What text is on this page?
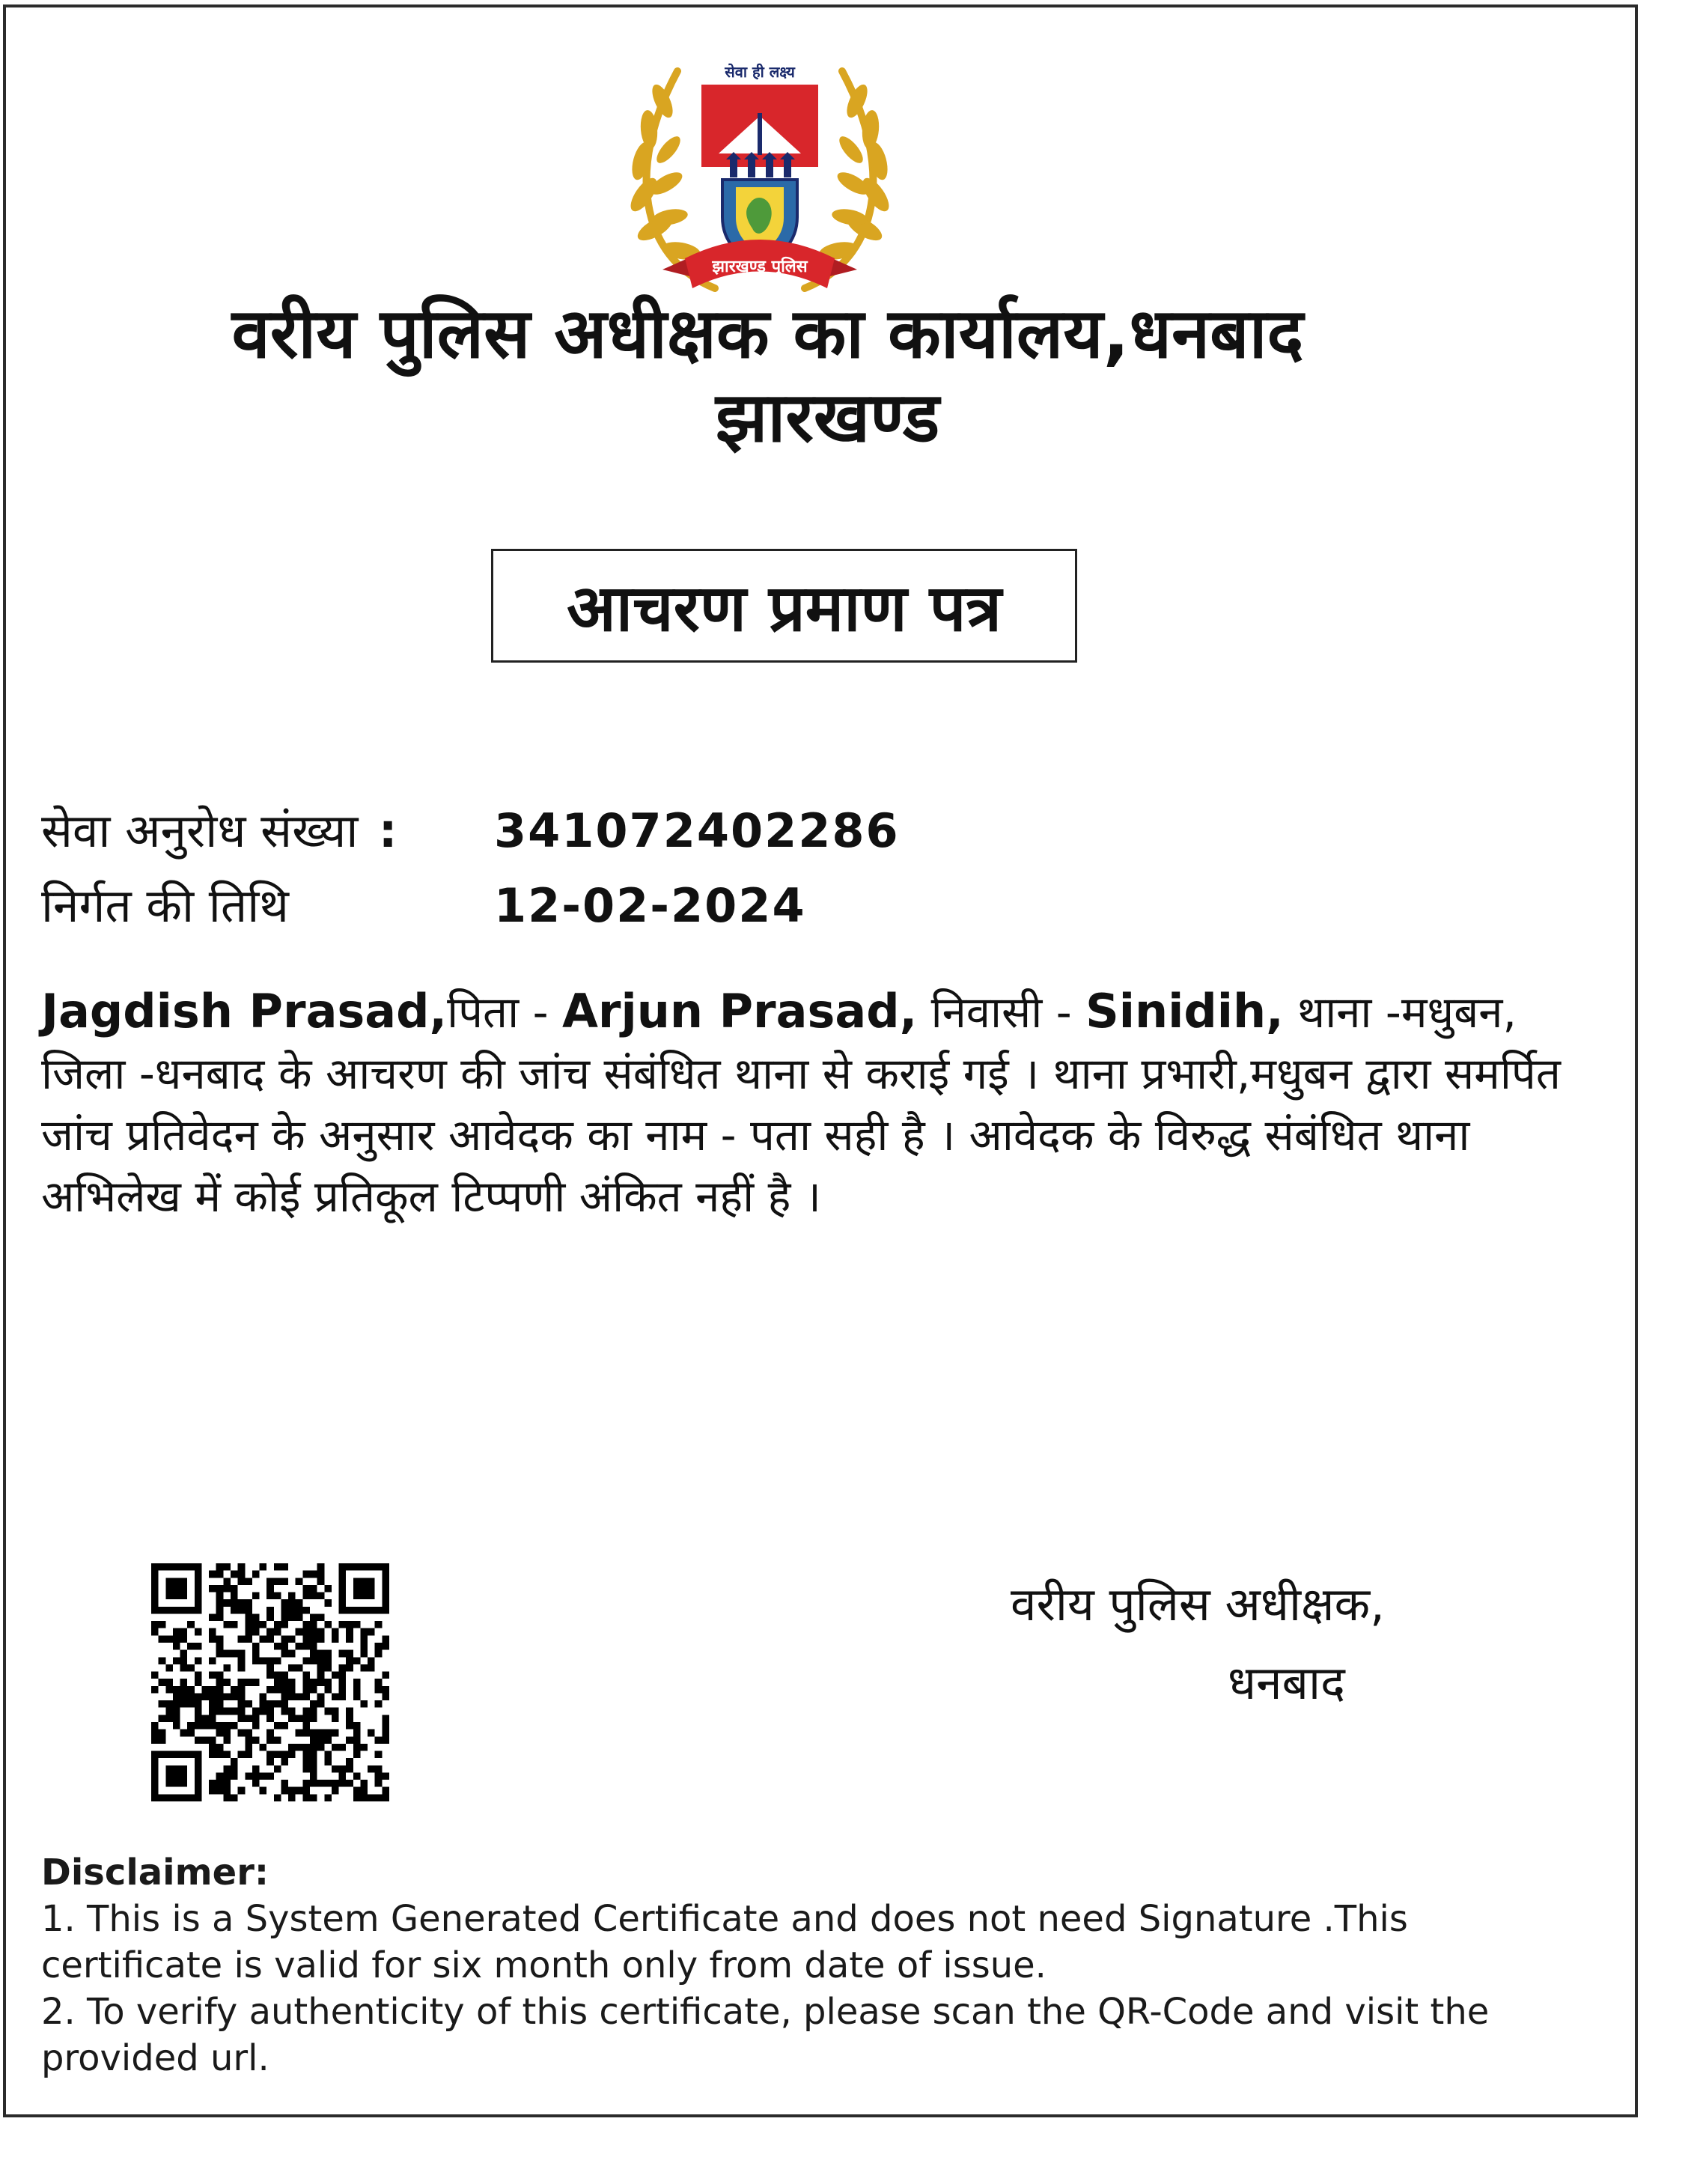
सेवा ही लक्ष्य
झारखण्ड पुलिस
वरीय पुलिस अधीक्षक का कार्यालय,धनबाद
झारखण्ड
आचरण प्रमाण पत्र
सेवा अनुरोध संख्या : 341072402286
निर्गत की तिथि	12-02-2024

Jagdish Prasad,पिता - Arjun Prasad, निवासी - Sinidih, थाना -मधुबन, जिला -धनबाद के आचरण की जांच संबंधित थाना से कराई गई । थाना प्रभारी,मधुबन द्वारा समर्पित जांच प्रतिवेदन के अनुसार आवेदक का नाम - पता सही है । आवेदक के विरुद्ध संबंधित थाना अभिलेख में कोई प्रतिकूल टिप्पणी अंकित नहीं है ।

वरीय पुलिस अधीक्षक,
धनबाद
Disclaimer:
1. This is a System Generated Certificate and does not need Signature .This certificate is valid for six month only from date of issue.
2. To verify authenticity of this certificate, please scan the QR-Code and visit the provided url.
